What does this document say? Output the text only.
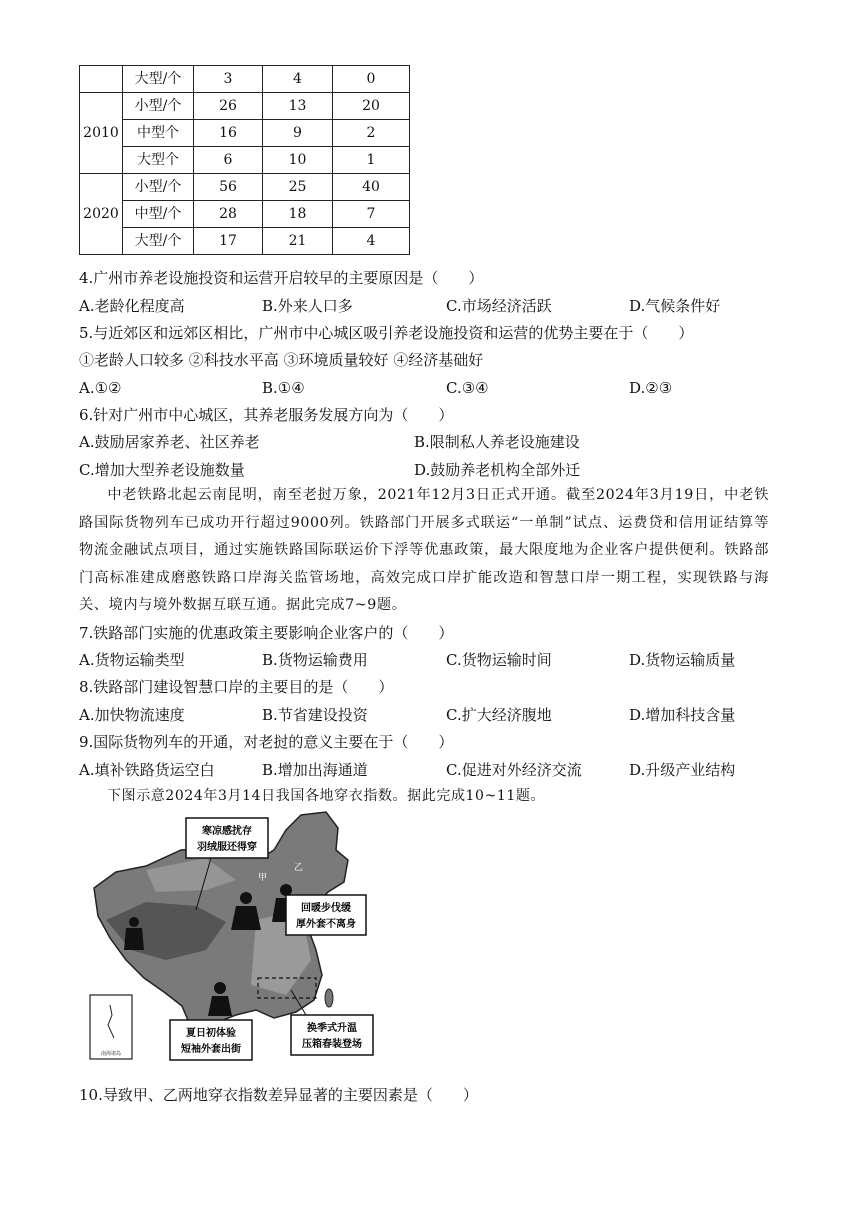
	大型/个	3	4	0
2010	小型/个	26	13	20
	中型个	16	9	2
	大型个	6	10	1
2020	小型/个	56	25	40
	中型/个	28	18	7
	大型/个	17	21	4
4.广州市养老设施投资和运营开启较早的主要原因是（　　）
A.老龄化程度高	B.外来人口多	C.市场经济活跃	D.气候条件好
5.与近郊区和远郊区相比，广州市中心城区吸引养老设施投资和运营的优势主要在于（　　）
①老龄人口较多 ②科技水平高 ③环境质量较好 ④经济基础好
A.①②	B.①④	C.③④	D.②③
6.针对广州市中心城区，其养老服务发展方向为（　　）
A.鼓励居家养老、社区养老	B.限制私人养老设施建设
C.增加大型养老设施数量	D.鼓励养老机构全部外迁
中老铁路北起云南昆明，南至老挝万象，2021年12月3日正式开通。截至2024年3月19日，中老铁路国际货物列车已成功开行超过9000列。铁路部门开展多式联运“一单制”试点、运费贷和信用证结算等物流金融试点项目，通过实施铁路国际联运价下浮等优惠政策，最大限度地为企业客户提供便利。铁路部门高标准建成磨憨铁路口岸海关监管场地，高效完成口岸扩能改造和智慧口岸一期工程，实现铁路与海关、境内与境外数据互联互通。据此完成7~9题。
7.铁路部门实施的优惠政策主要影响企业客户的（　　）
A.货物运输类型	B.货物运输费用	C.货物运输时间	D.货物运输质量
8.铁路部门建设智慧口岸的主要目的是（　　）
A.加快物流速度	B.节省建设投资	C.扩大经济腹地	D.增加科技含量
9.国际货物列车的开通，对老挝的意义主要在于（　　）
A.填补铁路货运空白	B.增加出海通道	C.促进对外经济交流	D.升级产业结构
下图示意2024年3月14日我国各地穿衣指数。据此完成10~11题。
南海诸岛
寒凉感扰存
羽绒服还得穿
回暖步伐缓
厚外套不离身
夏日初体验
短袖外套出街
换季式升温
压箱春装登场
甲
乙
10.导致甲、乙两地穿衣指数差异显著的主要因素是（　　）
